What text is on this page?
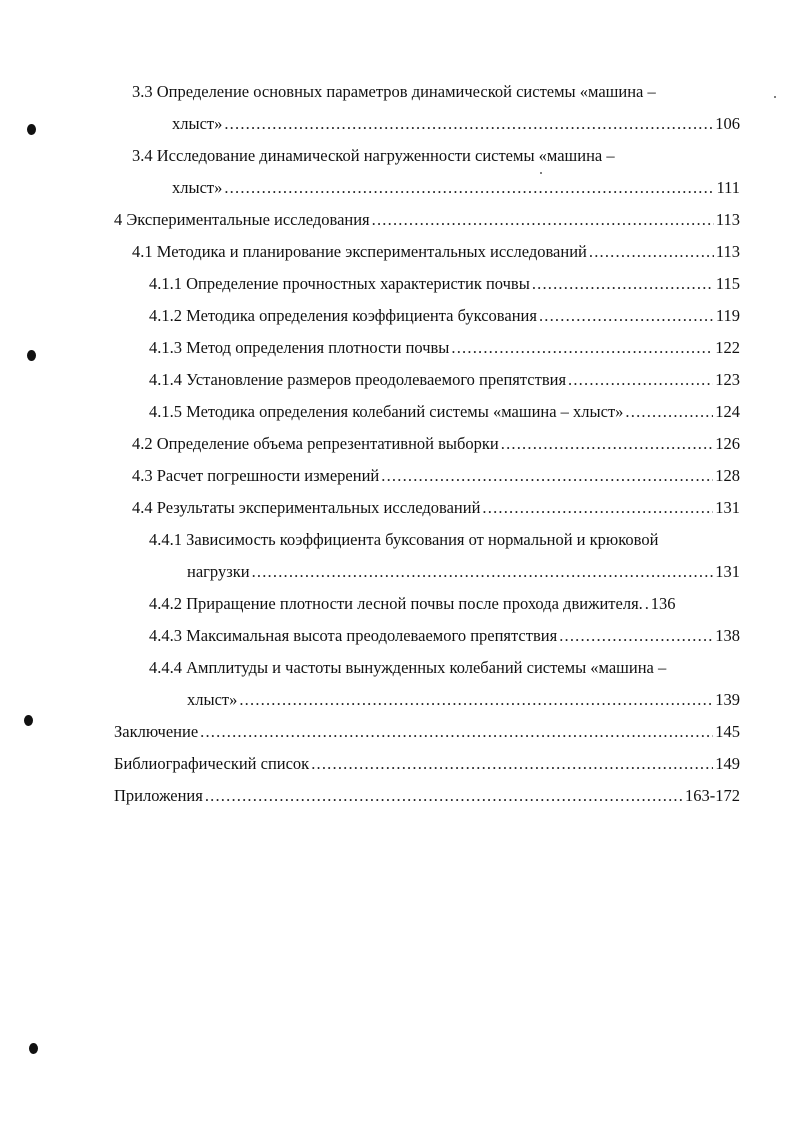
3.3 Определение основных параметров динамической системы «машина –
хлыст» .....	106
3.4 Исследование динамической нагруженности системы «машина –
хлыст» .....	111
4 Экспериментальные исследования .....	113
4.1 Методика и планирование экспериментальных исследований .....	113
4.1.1 Определение прочностных характеристик почвы .....	115
4.1.2 Методика определения коэффициента буксования .....	119
4.1.3 Метод определения плотности почвы .....	122
4.1.4 Установление размеров преодолеваемого препятствия .....	123
4.1.5 Методика определения колебаний системы «машина – хлыст» .....	124
4.2 Определение объема репрезентативной выборки .....	126
4.3 Расчет погрешности измерений .....	128
4.4 Результаты экспериментальных исследований .....	131
4.4.1 Зависимость коэффициента буксования от нормальной и крюковой
нагрузки .....	131
4.4.2 Приращение плотности лесной почвы после прохода движителя. ..... 136
4.4.3 Максимальная высота преодолеваемого препятствия .....	138
4.4.4 Амплитуды и частоты вынужденных колебаний системы «машина –
хлыст» .....	139
Заключение .....	145
Библиографический список .....	149
Приложения .....	163-172
